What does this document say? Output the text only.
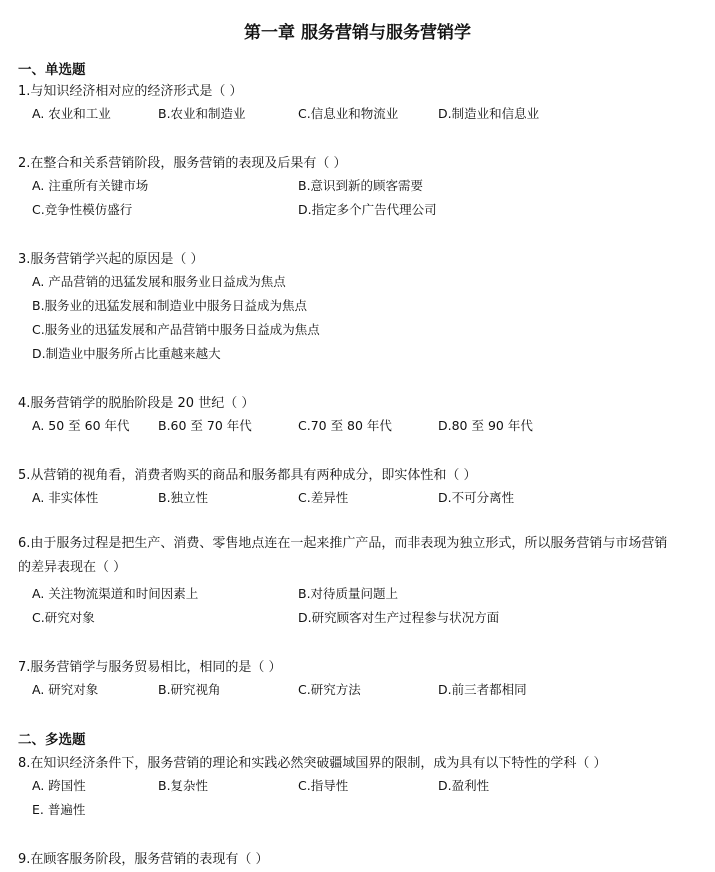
第一章 服务营销与服务营销学
一、单选题
1.与知识经济相对应的经济形式是（ ）
A. 农业和工业	B.农业和制造业	C.信息业和物流业	D.制造业和信息业
2.在整合和关系营销阶段，服务营销的表现及后果有（ ）
A. 注重所有关键市场	B.意识到新的顾客需要
C.竞争性模仿盛行	D.指定多个广告代理公司
3.服务营销学兴起的原因是（ ）
A. 产品营销的迅猛发展和服务业日益成为焦点
B.服务业的迅猛发展和制造业中服务日益成为焦点
C.服务业的迅猛发展和产品营销中服务日益成为焦点
D.制造业中服务所占比重越来越大
4.服务营销学的脱胎阶段是 20 世纪（ ）
A. 50 至 60 年代 B.60 至 70 年代	C.70 至 80 年代	D.80 至 90 年代
5.从营销的视角看，消费者购买的商品和服务都具有两种成分，即实体性和（ ）
A. 非实体性	B.独立性	C.差异性	D.不可分离性
6.由于服务过程是把生产、消费、零售地点连在一起来推广产品，而非表现为独立形式，所以服务营销与市场营销的差异表现在（ ）
A. 关注物流渠道和时间因素上	B.对待质量问题上
C.研究对象	D.研究顾客对生产过程参与状况方面
7.服务营销学与服务贸易相比，相同的是（ ）
A. 研究对象	B.研究视角	C.研究方法	D.前三者都相同
二、多选题
8.在知识经济条件下，服务营销的理论和实践必然突破疆域国界的限制，成为具有以下特性的学科（ ）
A. 跨国性	B.复杂性	C.指导性	D.盈利性
E. 普遍性
9.在顾客服务阶段，服务营销的表现有（ ）
